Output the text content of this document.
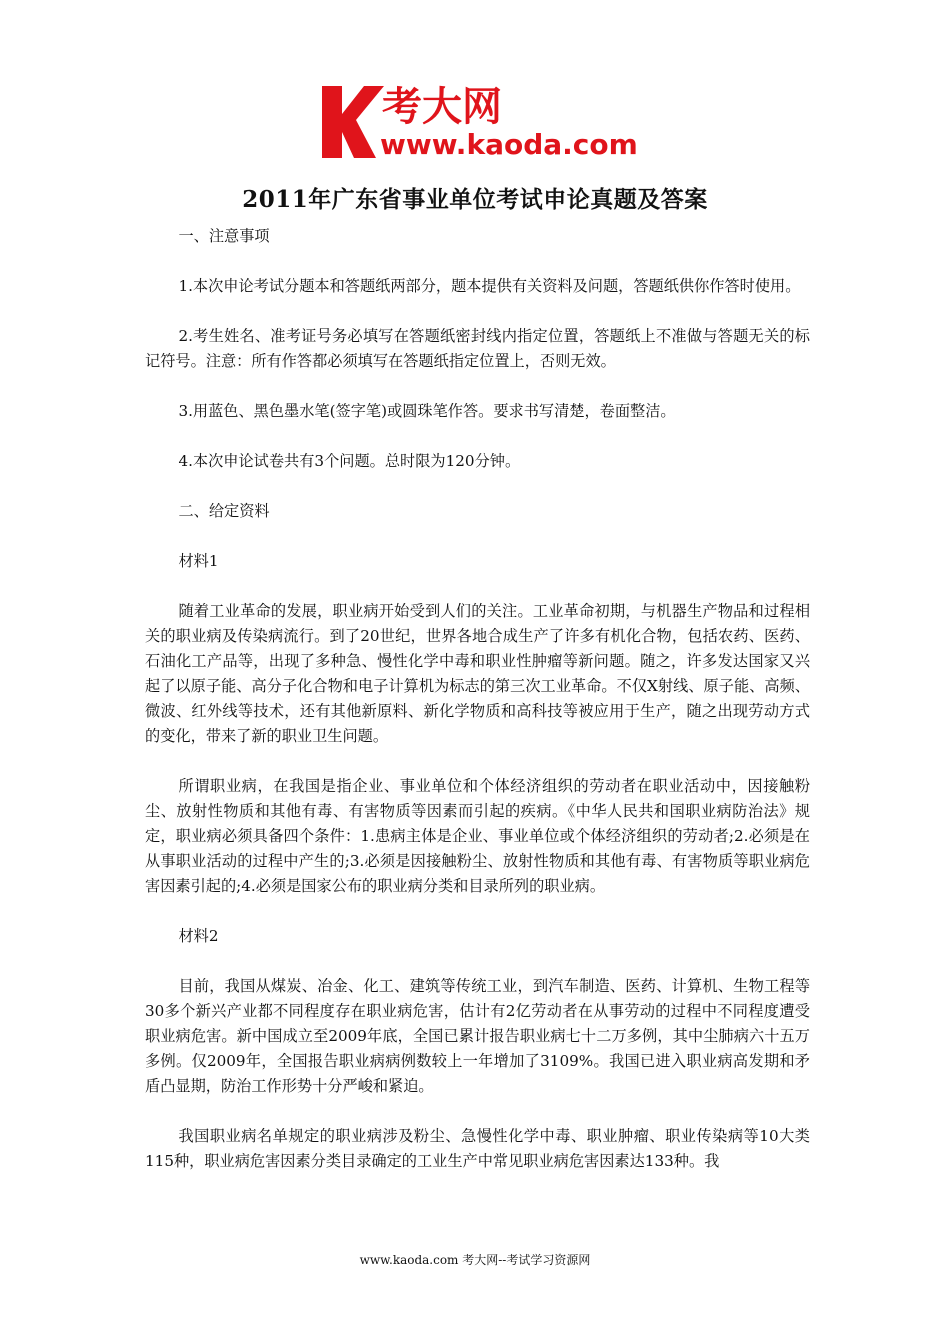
考大网
www.kaoda.com
2011年广东省事业单位考试申论真题及答案

一、注意事项

1.本次申论考试分题本和答题纸两部分，题本提供有关资料及问题，答题纸供你作答时使用。

2.考生姓名、准考证号务必填写在答题纸密封线内指定位置，答题纸上不准做与答题无关的标记符号。注意：所有作答都必须填写在答题纸指定位置上，否则无效。

3.用蓝色、黑色墨水笔(签字笔)或圆珠笔作答。要求书写清楚，卷面整洁。

4.本次申论试卷共有3个问题。总时限为120分钟。

二、给定资料

材料1

随着工业革命的发展，职业病开始受到人们的关注。工业革命初期，与机器生产物品和过程相关的职业病及传染病流行。到了20世纪，世界各地合成生产了许多有机化合物，包括农药、医药、石油化工产品等，出现了多种急、慢性化学中毒和职业性肿瘤等新问题。随之，许多发达国家又兴起了以原子能、高分子化合物和电子计算机为标志的第三次工业革命。不仅X射线、原子能、高频、微波、红外线等技术，还有其他新原料、新化学物质和高科技等被应用于生产，随之出现劳动方式的变化，带来了新的职业卫生问题。

所谓职业病，在我国是指企业、事业单位和个体经济组织的劳动者在职业活动中，因接触粉尘、放射性物质和其他有毒、有害物质等因素而引起的疾病。《中华人民共和国职业病防治法》规定，职业病必须具备四个条件：1.患病主体是企业、事业单位或个体经济组织的劳动者;2.必须是在从事职业活动的过程中产生的;3.必须是因接触粉尘、放射性物质和其他有毒、有害物质等职业病危害因素引起的;4.必须是国家公布的职业病分类和目录所列的职业病。

材料2

目前，我国从煤炭、冶金、化工、建筑等传统工业，到汽车制造、医药、计算机、生物工程等30多个新兴产业都不同程度存在职业病危害，估计有2亿劳动者在从事劳动的过程中不同程度遭受职业病危害。新中国成立至2009年底，全国已累计报告职业病七十二万多例，其中尘肺病六十五万多例。仅2009年，全国报告职业病病例数较上一年增加了3109%。我国已进入职业病高发期和矛盾凸显期，防治工作形势十分严峻和紧迫。

我国职业病名单规定的职业病涉及粉尘、急慢性化学中毒、职业肿瘤、职业传染病等10大类115种，职业病危害因素分类目录确定的工业生产中常见职业病危害因素达133种。我

www.kaoda.com 考大网--考试学习资源网
